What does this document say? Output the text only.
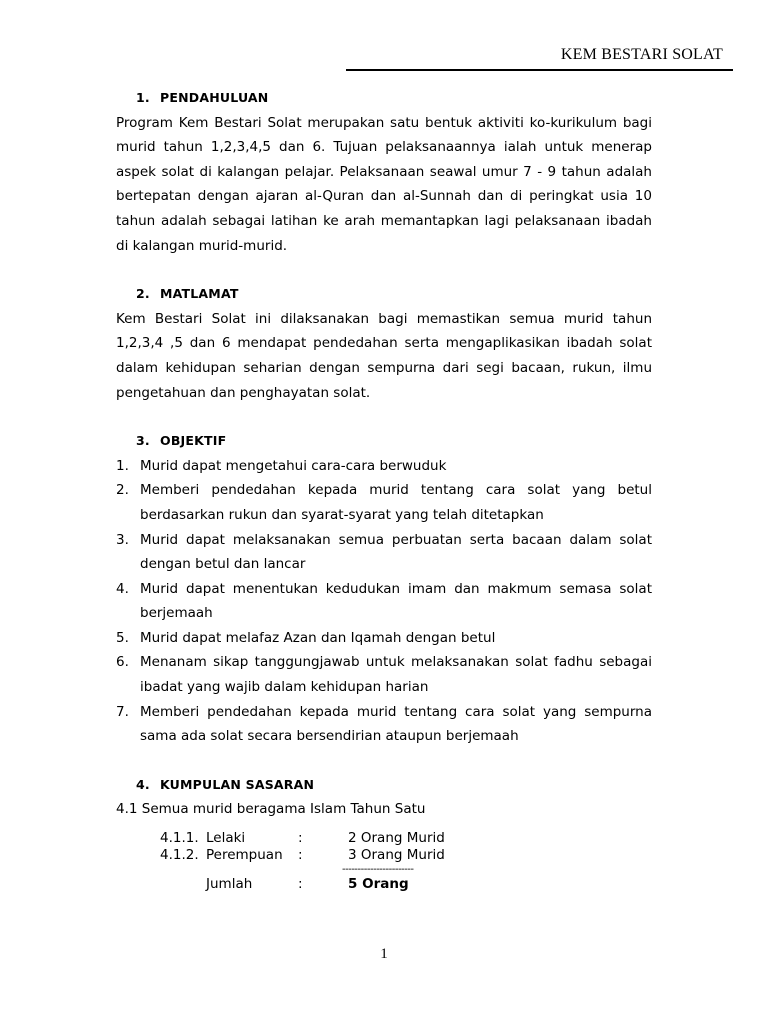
KEM BESTARI SOLAT
1. PENDAHULUAN

Program Kem Bestari Solat merupakan satu bentuk aktiviti ko-kurikulum bagi murid tahun 1,2,3,4,5 dan 6. Tujuan pelaksanaannya ialah untuk menerap aspek solat di kalangan pelajar. Pelaksanaan seawal umur 7 - 9 tahun adalah bertepatan dengan ajaran al-Quran dan al-Sunnah dan di peringkat usia 10 tahun adalah sebagai latihan ke arah memantapkan lagi pelaksanaan ibadah di kalangan murid-murid.

2. MATLAMAT

Kem Bestari Solat ini dilaksanakan bagi memastikan semua murid tahun 1,2,3,4 ,5 dan 6 mendapat pendedahan serta mengaplikasikan ibadah solat dalam kehidupan seharian dengan sempurna dari segi bacaan, rukun, ilmu pengetahuan dan penghayatan solat.

3. OBJEKTIF
1. Murid dapat mengetahui cara-cara berwuduk
2. Memberi pendedahan kepada murid tentang cara solat yang betul berdasarkan rukun dan syarat-syarat yang telah ditetapkan
3. Murid dapat melaksanakan semua perbuatan serta bacaan dalam solat dengan betul dan lancar
4. Murid dapat menentukan kedudukan imam dan makmum semasa solat berjemaah
5. Murid dapat melafaz Azan dan Iqamah dengan betul
6. Menanam sikap tanggungjawab untuk melaksanakan solat fadhu sebagai ibadat yang wajib dalam kehidupan harian
7. Memberi pendedahan kepada murid tentang cara solat yang sempurna sama ada solat secara bersendirian ataupun berjemaah
4. KUMPULAN SASARAN

4.1 Semua murid beragama Islam Tahun Satu

4.1.1. Lelaki	:	2 Orang Murid
4.1.2. Perempuan	:	3 Orang Murid
-----------------------
Jumlah	:	5 Orang
1
